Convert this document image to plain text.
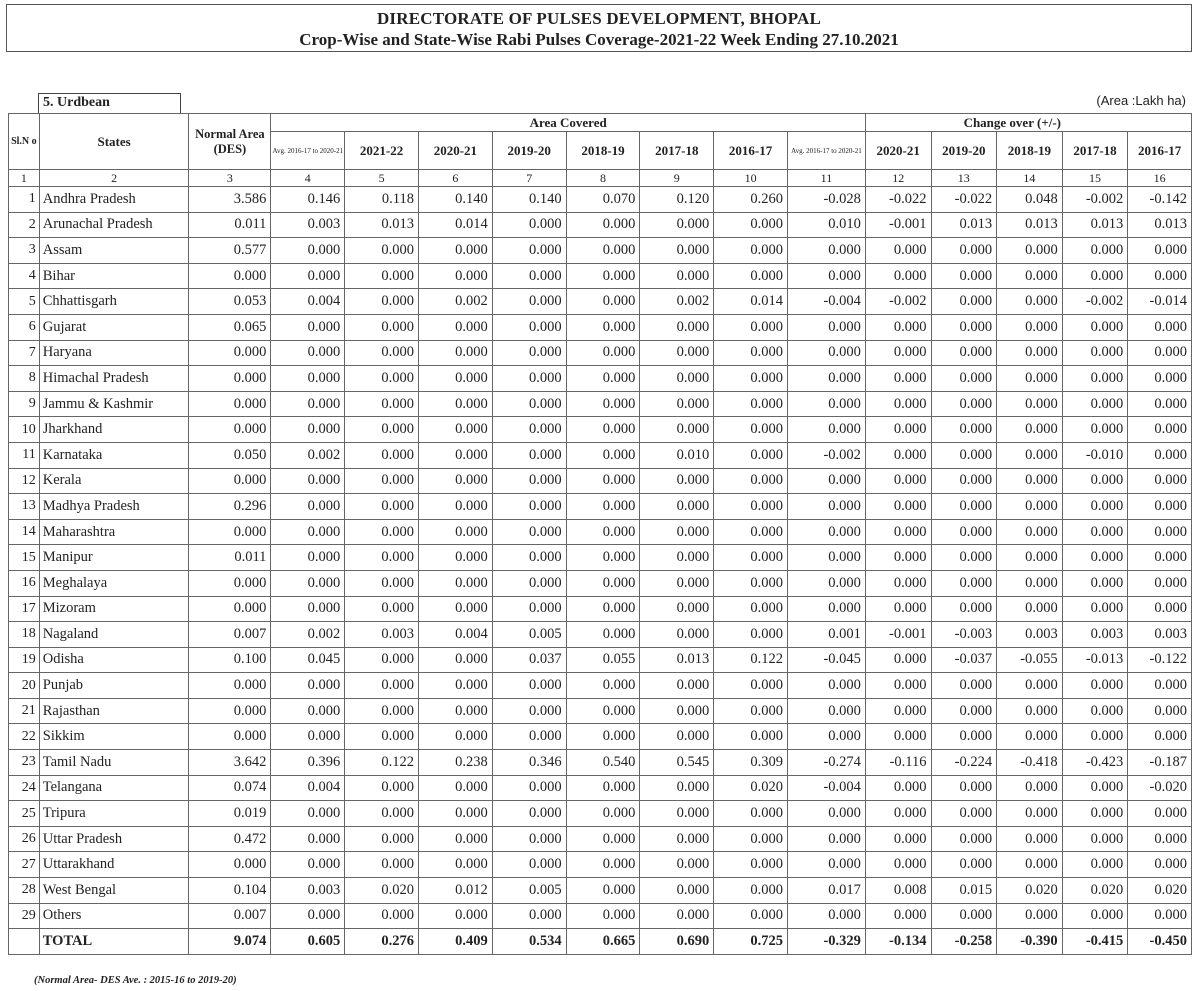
DIRECTORATE OF PULSES DEVELOPMENT, BHOPAL
Crop-Wise and State-Wise Rabi Pulses Coverage-2021-22 Week Ending 27.10.2021
5. Urdbean	(Area :Lakh ha)
Sl.N o	States	Normal Area (DES)	Area Covered								Change over (+/-)				
			Avg. 2016-17 to 2020-21	2021-22	2020-21	2019-20	2018-19	2017-18	2016-17	Avg. 2016-17 to 2020-21	2020-21	2019-20	2018-19	2017-18	2016-17
1	2	3	4	5	6	7	8	9	10	11	12	13	14	15	16
1	Andhra Pradesh	3.586	0.146	0.118	0.140	0.140	0.070	0.120	0.260	-0.028	-0.022	-0.022	0.048	-0.002	-0.142
2	Arunachal Pradesh	0.011	0.003	0.013	0.014	0.000	0.000	0.000	0.000	0.010	-0.001	0.013	0.013	0.013	0.013
3	Assam	0.577	0.000	0.000	0.000	0.000	0.000	0.000	0.000	0.000	0.000	0.000	0.000	0.000	0.000
4	Bihar	0.000	0.000	0.000	0.000	0.000	0.000	0.000	0.000	0.000	0.000	0.000	0.000	0.000	0.000
5	Chhattisgarh	0.053	0.004	0.000	0.002	0.000	0.000	0.002	0.014	-0.004	-0.002	0.000	0.000	-0.002	-0.014
6	Gujarat	0.065	0.000	0.000	0.000	0.000	0.000	0.000	0.000	0.000	0.000	0.000	0.000	0.000	0.000
7	Haryana	0.000	0.000	0.000	0.000	0.000	0.000	0.000	0.000	0.000	0.000	0.000	0.000	0.000	0.000
8	Himachal Pradesh	0.000	0.000	0.000	0.000	0.000	0.000	0.000	0.000	0.000	0.000	0.000	0.000	0.000	0.000
9	Jammu & Kashmir	0.000	0.000	0.000	0.000	0.000	0.000	0.000	0.000	0.000	0.000	0.000	0.000	0.000	0.000
10	Jharkhand	0.000	0.000	0.000	0.000	0.000	0.000	0.000	0.000	0.000	0.000	0.000	0.000	0.000	0.000
11	Karnataka	0.050	0.002	0.000	0.000	0.000	0.000	0.010	0.000	-0.002	0.000	0.000	0.000	-0.010	0.000
12	Kerala	0.000	0.000	0.000	0.000	0.000	0.000	0.000	0.000	0.000	0.000	0.000	0.000	0.000	0.000
13	Madhya Pradesh	0.296	0.000	0.000	0.000	0.000	0.000	0.000	0.000	0.000	0.000	0.000	0.000	0.000	0.000
14	Maharashtra	0.000	0.000	0.000	0.000	0.000	0.000	0.000	0.000	0.000	0.000	0.000	0.000	0.000	0.000
15	Manipur	0.011	0.000	0.000	0.000	0.000	0.000	0.000	0.000	0.000	0.000	0.000	0.000	0.000	0.000
16	Meghalaya	0.000	0.000	0.000	0.000	0.000	0.000	0.000	0.000	0.000	0.000	0.000	0.000	0.000	0.000
17	Mizoram	0.000	0.000	0.000	0.000	0.000	0.000	0.000	0.000	0.000	0.000	0.000	0.000	0.000	0.000
18	Nagaland	0.007	0.002	0.003	0.004	0.005	0.000	0.000	0.000	0.001	-0.001	-0.003	0.003	0.003	0.003
19	Odisha	0.100	0.045	0.000	0.000	0.037	0.055	0.013	0.122	-0.045	0.000	-0.037	-0.055	-0.013	-0.122
20	Punjab	0.000	0.000	0.000	0.000	0.000	0.000	0.000	0.000	0.000	0.000	0.000	0.000	0.000	0.000
21	Rajasthan	0.000	0.000	0.000	0.000	0.000	0.000	0.000	0.000	0.000	0.000	0.000	0.000	0.000	0.000
22	Sikkim	0.000	0.000	0.000	0.000	0.000	0.000	0.000	0.000	0.000	0.000	0.000	0.000	0.000	0.000
23	Tamil Nadu	3.642	0.396	0.122	0.238	0.346	0.540	0.545	0.309	-0.274	-0.116	-0.224	-0.418	-0.423	-0.187
24	Telangana	0.074	0.004	0.000	0.000	0.000	0.000	0.000	0.020	-0.004	0.000	0.000	0.000	0.000	-0.020
25	Tripura	0.019	0.000	0.000	0.000	0.000	0.000	0.000	0.000	0.000	0.000	0.000	0.000	0.000	0.000
26	Uttar Pradesh	0.472	0.000	0.000	0.000	0.000	0.000	0.000	0.000	0.000	0.000	0.000	0.000	0.000	0.000
27	Uttarakhand	0.000	0.000	0.000	0.000	0.000	0.000	0.000	0.000	0.000	0.000	0.000	0.000	0.000	0.000
28	West Bengal	0.104	0.003	0.020	0.012	0.005	0.000	0.000	0.000	0.017	0.008	0.015	0.020	0.020	0.020
29	Others	0.007	0.000	0.000	0.000	0.000	0.000	0.000	0.000	0.000	0.000	0.000	0.000	0.000	0.000
	TOTAL	9.074	0.605	0.276	0.409	0.534	0.665	0.690	0.725	-0.329	-0.134	-0.258	-0.390	-0.415	-0.450
(Normal Area- DES Ave. : 2015-16 to 2019-20)
